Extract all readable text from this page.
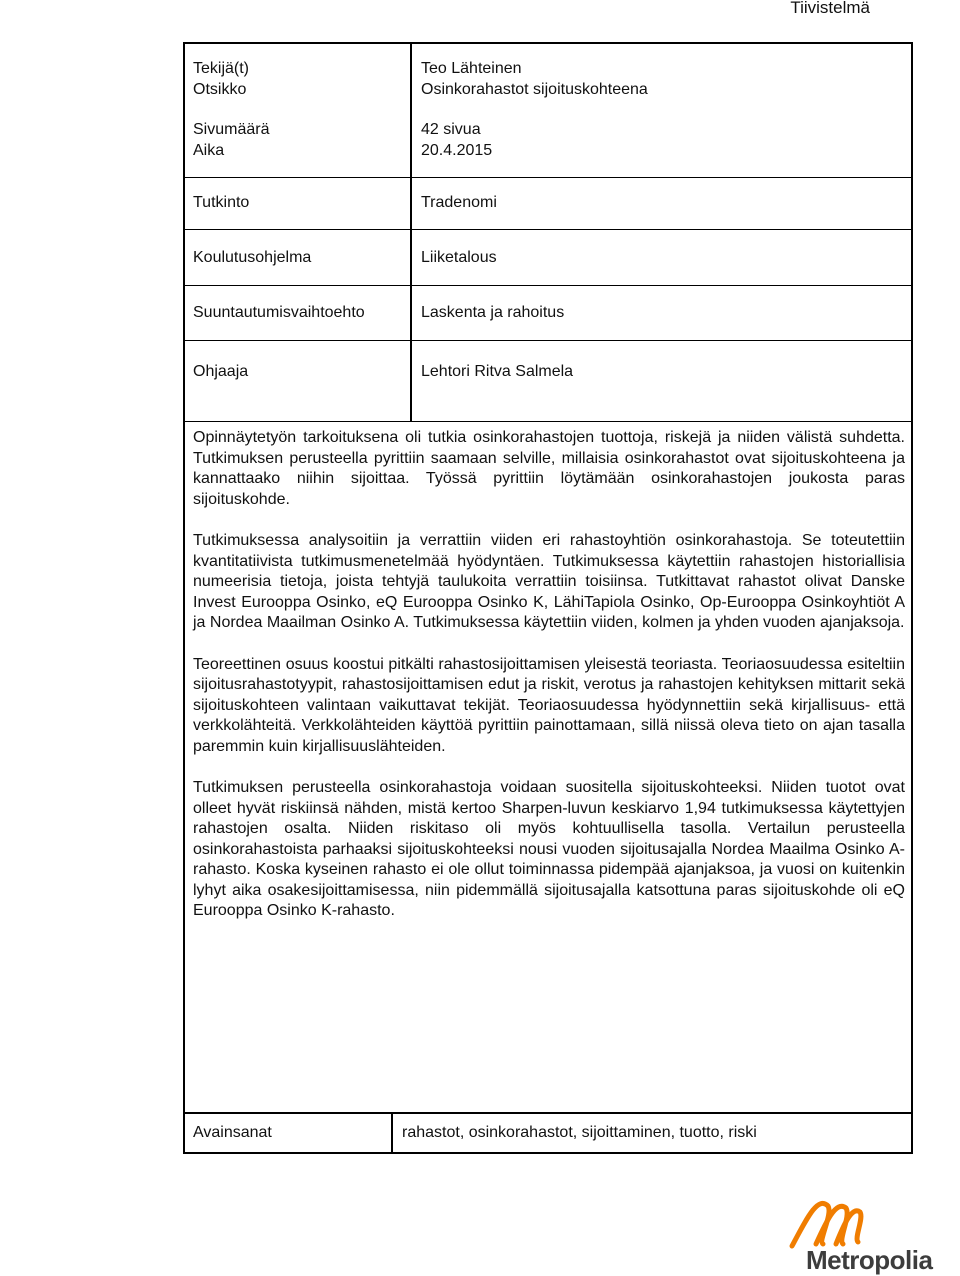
Tiivistelmä
Tekijä(t)	Teo Lähteinen
Otsikko	Osinkorahastot sijoituskohteena
Sivumäärä	42 sivua
Aika	20.4.2015
Tutkinto	Tradenomi
Koulutusohjelma	Liiketalous
Suuntautumisvaihtoehto	Laskenta ja rahoitus
Ohjaaja	Lehtori Ritva Salmela

Opinnäytetyön tarkoituksena oli tutkia osinkorahastojen tuottoja, riskejä ja niiden välistä suhdetta. Tutkimuksen perusteella pyrittiin saamaan selville, millaisia osinkorahastot ovat sijoituskohteena ja kannattaako niihin sijoittaa. Työssä pyrittiin löytämään osinkorahastojen joukosta paras sijoituskohde.

Tutkimuksessa analysoitiin ja verrattiin viiden eri rahastoyhtiön osinkorahastoja. Se toteutettiin kvantitatiivista tutkimusmenetelmää hyödyntäen. Tutkimuksessa käytettiin rahastojen historiallisia numeerisia tietoja, joista tehtyjä taulukoita verrattiin toisiinsa. Tutkittavat rahastot olivat Danske Invest Eurooppa Osinko, eQ Eurooppa Osinko K, LähiTapiola Osinko, Op-Eurooppa Osinkoyhtiöt A ja Nordea Maailman Osinko A. Tutkimuksessa käytettiin viiden, kolmen ja yhden vuoden ajanjaksoja.

Teoreettinen osuus koostui pitkälti rahastosijoittamisen yleisestä teoriasta. Teoriaosuudessa esiteltiin sijoitusrahastotyypit, rahastosijoittamisen edut ja riskit, verotus ja rahastojen kehityksen mittarit sekä sijoituskohteen valintaan vaikuttavat tekijät. Teoriaosuudessa hyödynnettiin sekä kirjallisuus- että verkkolähteitä. Verkkolähteiden käyttöä pyrittiin painottamaan, sillä niissä oleva tieto on ajan tasalla paremmin kuin kirjallisuuslähteiden.

Tutkimuksen perusteella osinkorahastoja voidaan suositella sijoituskohteeksi. Niiden tuotot ovat olleet hyvät riskiinsä nähden, mistä kertoo Sharpen-luvun keskiarvo 1,94 tutkimuksessa käytettyjen rahastojen osalta. Niiden riskitaso oli myös kohtuullisella tasolla. Vertailun perusteella osinkorahastoista parhaaksi sijoituskohteeksi nousi vuoden sijoitusajalla Nordea Maailma Osinko A-rahasto. Koska kyseinen rahasto ei ole ollut toiminnassa pidempää ajanjaksoa, ja vuosi on kuitenkin lyhyt aika osakesijoittamisessa, niin pidemmällä sijoitusajalla katsottuna paras sijoituskohde oli eQ Eurooppa Osinko K-rahasto.

Avainsanat	rahastot, osinkorahastot, sijoittaminen, tuotto, riski
Metropolia
